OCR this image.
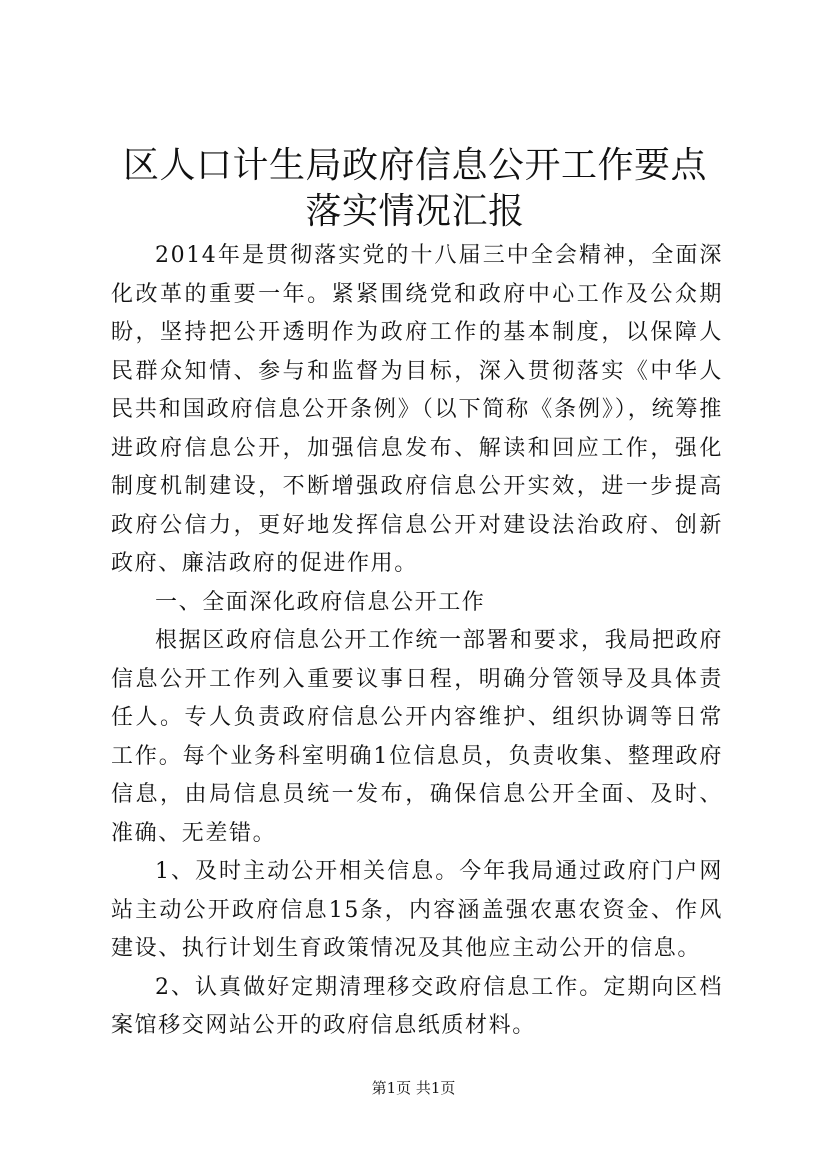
区人口计生局政府信息公开工作要点落实情况汇报

2014年是贯彻落实党的十八届三中全会精神，全面深化改革的重要一年。紧紧围绕党和政府中心工作及公众期盼，坚持把公开透明作为政府工作的基本制度，以保障人民群众知情、参与和监督为目标，深入贯彻落实《中华人民共和国政府信息公开条例》（以下简称《条例》），统筹推进政府信息公开，加强信息发布、解读和回应工作，强化制度机制建设，不断增强政府信息公开实效，进一步提高政府公信力，更好地发挥信息公开对建设法治政府、创新政府、廉洁政府的促进作用。

一、全面深化政府信息公开工作

根据区政府信息公开工作统一部署和要求，我局把政府信息公开工作列入重要议事日程，明确分管领导及具体责任人。专人负责政府信息公开内容维护、组织协调等日常工作。每个业务科室明确1位信息员，负责收集、整理政府信息，由局信息员统一发布，确保信息公开全面、及时、准确、无差错。

1、及时主动公开相关信息。今年我局通过政府门户网站主动公开政府信息15条，内容涵盖强农惠农资金、作风建设、执行计划生育政策情况及其他应主动公开的信息。

2、认真做好定期清理移交政府信息工作。定期向区档案馆移交网站公开的政府信息纸质材料。

第1页 共1页
